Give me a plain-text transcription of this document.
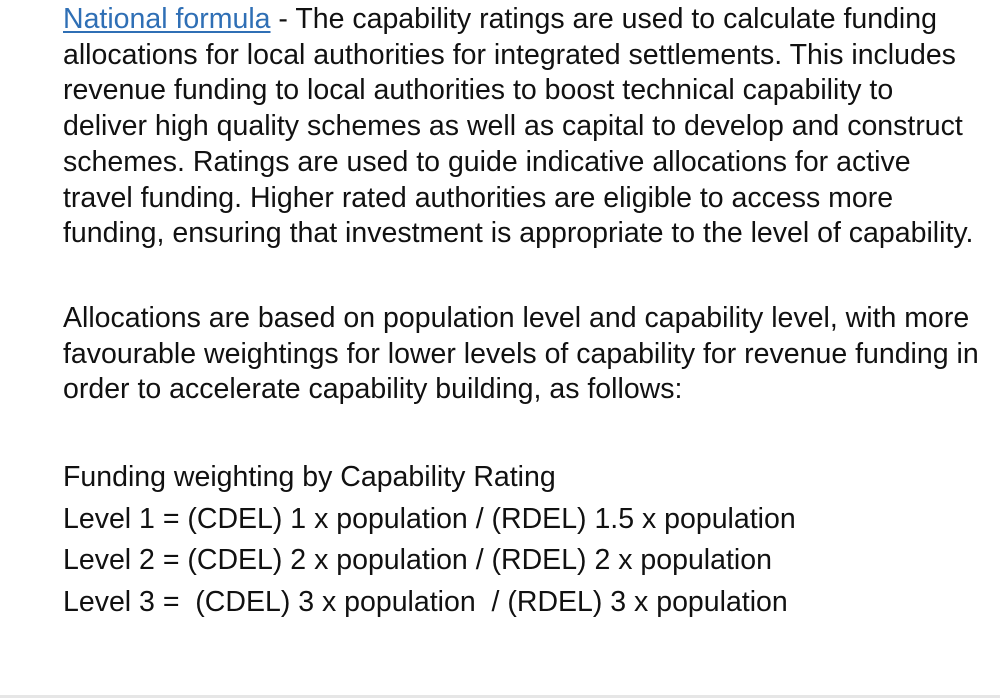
National formula - The capability ratings are used to calculate funding allocations for local authorities for integrated settlements. This includes revenue funding to local authorities to boost technical capability to deliver high quality schemes as well as capital to develop and construct schemes. Ratings are used to guide indicative allocations for active travel funding. Higher rated authorities are eligible to access more funding, ensuring that investment is appropriate to the level of capability.

Allocations are based on population level and capability level, with more favourable weightings for lower levels of capability for revenue funding in order to accelerate capability building, as follows:

Funding weighting by Capability Rating
Level 1 = (CDEL) 1 x population / (RDEL) 1.5 x population
Level 2 = (CDEL) 2 x population / (RDEL) 2 x population
Level 3 =  (CDEL) 3 x population  / (RDEL) 3 x population
